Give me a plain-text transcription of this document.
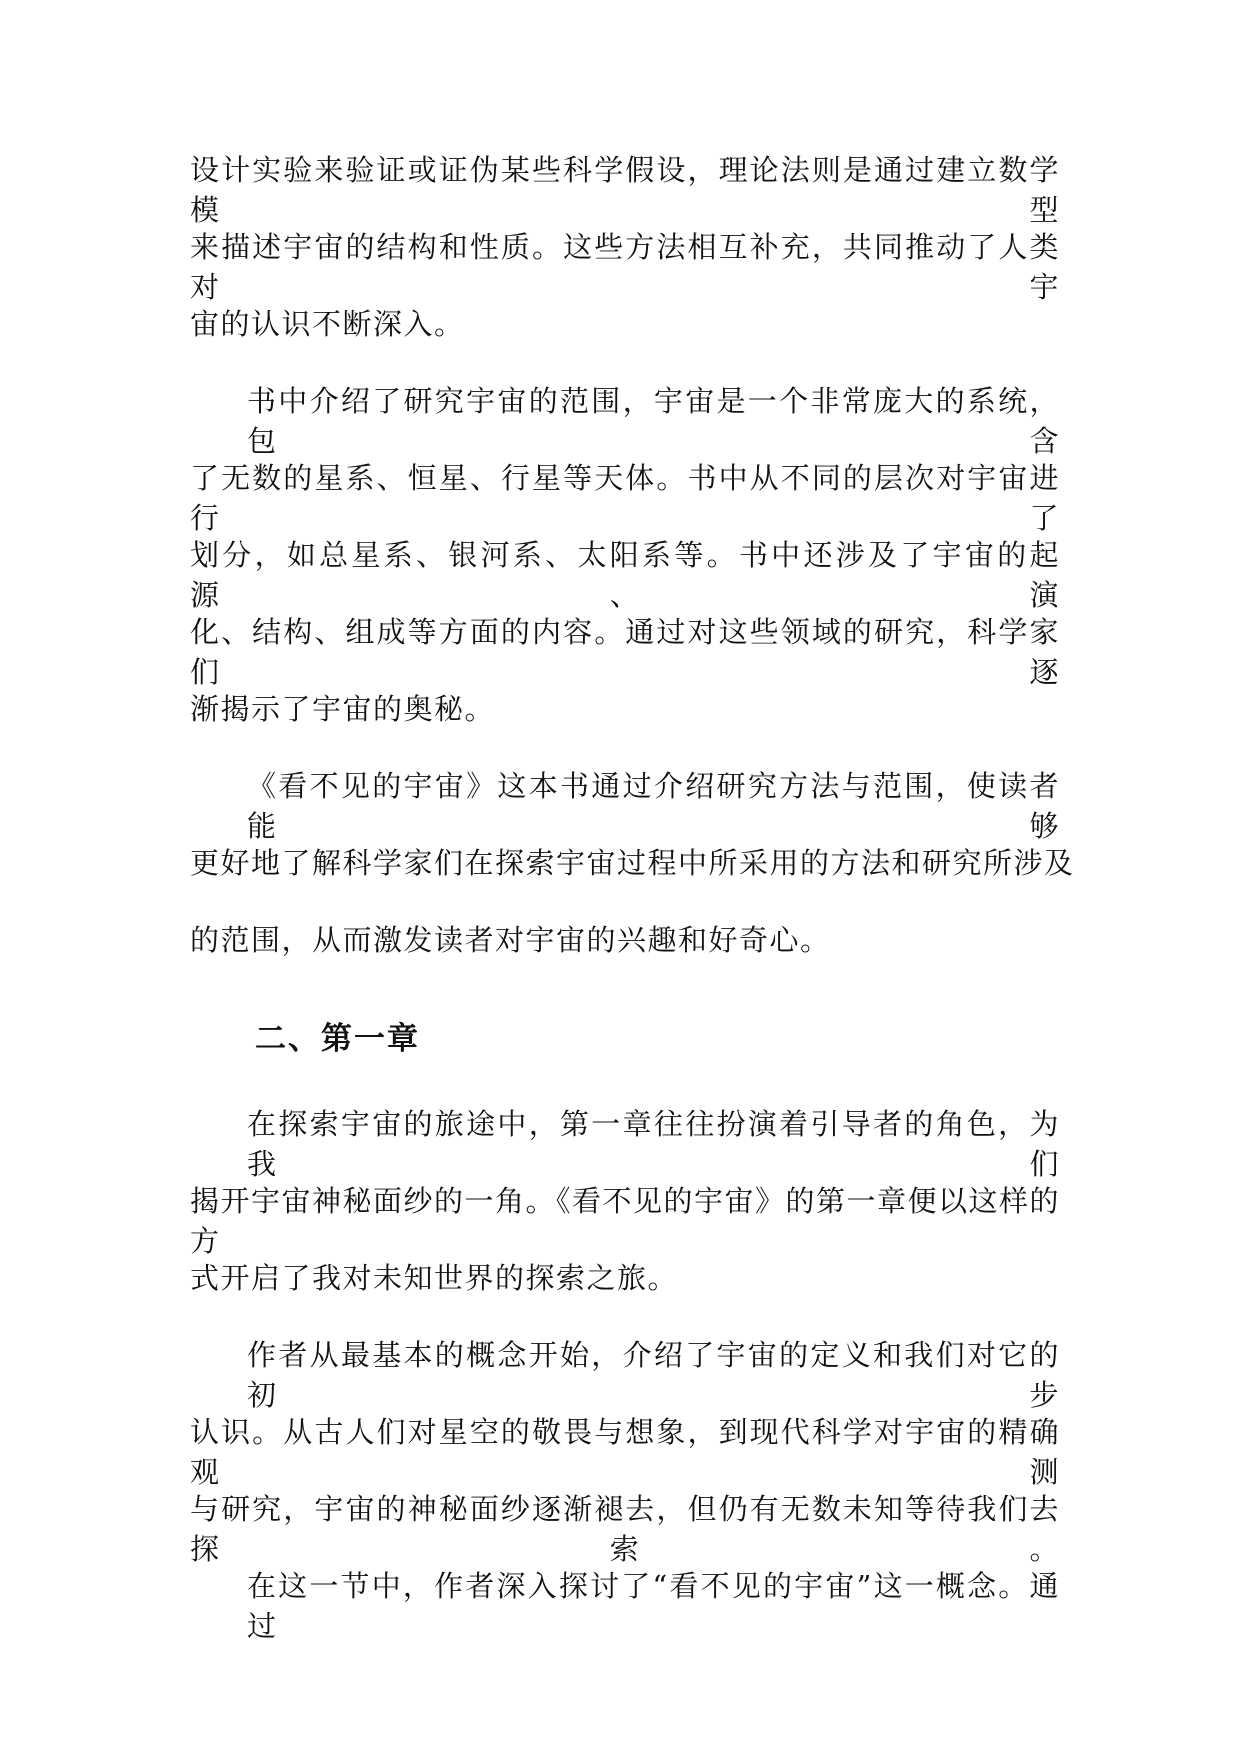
设计实验来验证或证伪某些科学假设，理论法则是通过建立数学模型
来描述宇宙的结构和性质。这些方法相互补充，共同推动了人类对宇
宙的认识不断深入。
书中介绍了研究宇宙的范围，宇宙是一个非常庞大的系统，包含
了无数的星系、恒星、行星等天体。书中从不同的层次对宇宙进行了
划分，如总星系、银河系、太阳系等。书中还涉及了宇宙的起源、演
化、结构、组成等方面的内容。通过对这些领域的研究，科学家们逐
渐揭示了宇宙的奥秘。
《看不见的宇宙》这本书通过介绍研究方法与范围，使读者能够
更好地了解科学家们在探索宇宙过程中所采用的方法和研究所涉及
的范围，从而激发读者对宇宙的兴趣和好奇心。
二、第一章
在探索宇宙的旅途中，第一章往往扮演着引导者的角色，为我们
揭开宇宙神秘面纱的一角。《看不见的宇宙》的第一章便以这样的方
式开启了我对未知世界的探索之旅。
作者从最基本的概念开始，介绍了宇宙的定义和我们对它的初步
认识。从古人们对星空的敬畏与想象，到现代科学对宇宙的精确观测
与研究，宇宙的神秘面纱逐渐褪去，但仍有无数未知等待我们去探索。
在这一节中，作者深入探讨了“看不见的宇宙”这一概念。通过
